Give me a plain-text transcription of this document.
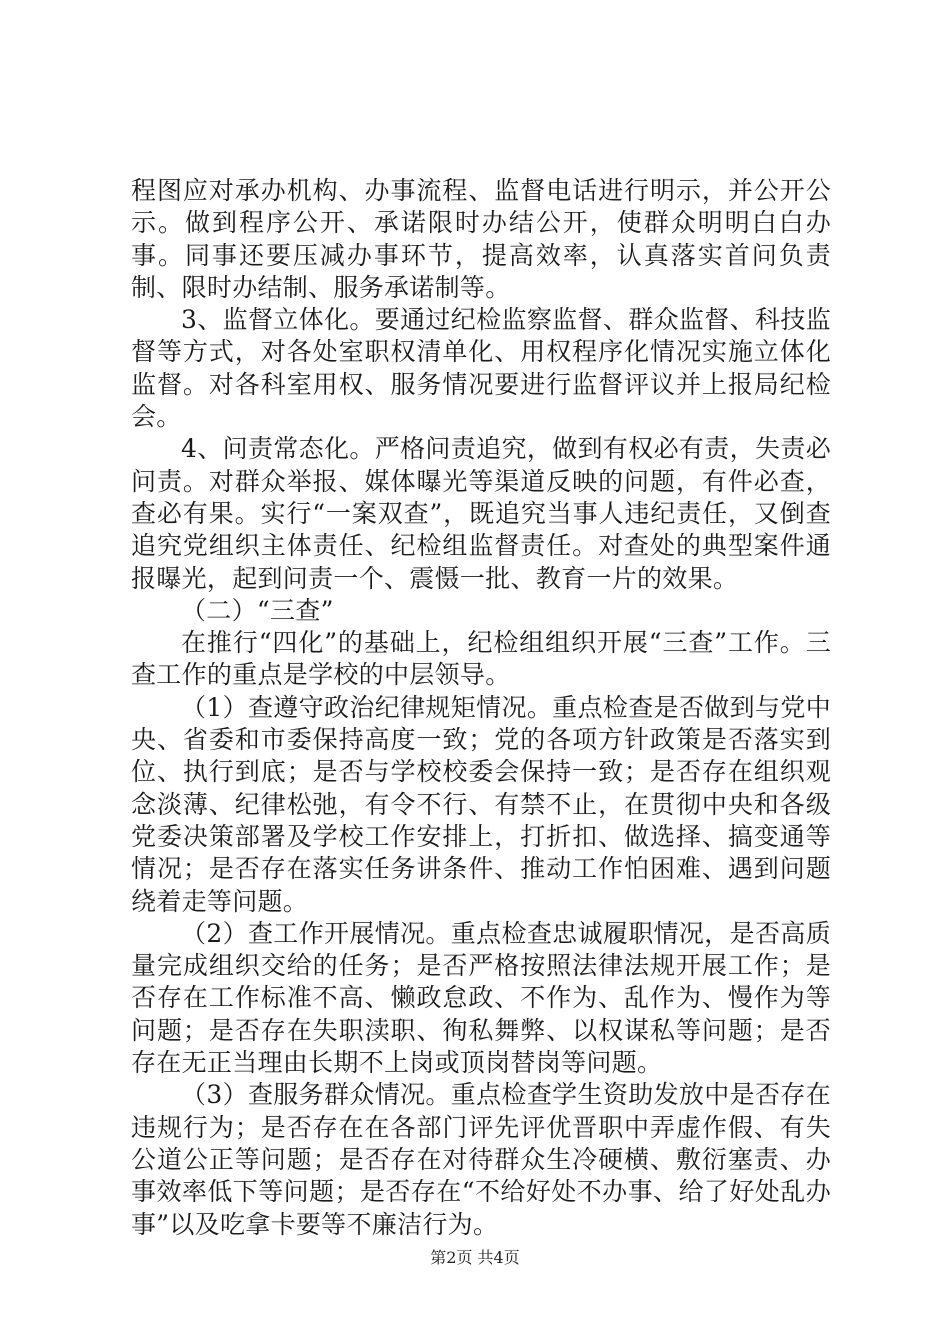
程图应对承办机构、办事流程、监督电话进行明示，并公开公示。做到程序公开、承诺限时办结公开，使群众明明白白办事。同事还要压减办事环节，提高效率，认真落实首问负责制、限时办结制、服务承诺制等。

3、监督立体化。要通过纪检监察监督、群众监督、科技监督等方式，对各处室职权清单化、用权程序化情况实施立体化监督。对各科室用权、服务情况要进行监督评议并上报局纪检会。

4、问责常态化。严格问责追究，做到有权必有责，失责必问责。对群众举报、媒体曝光等渠道反映的问题，有件必查，查必有果。实行“一案双查”，既追究当事人违纪责任，又倒查追究党组织主体责任、纪检组监督责任。对查处的典型案件通报曝光，起到问责一个、震慑一批、教育一片的效果。

（二）“三查”

在推行“四化”的基础上，纪检组组织开展“三查”工作。三查工作的重点是学校的中层领导。

（1）查遵守政治纪律规矩情况。重点检查是否做到与党中央、省委和市委保持高度一致；党的各项方针政策是否落实到位、执行到底；是否与学校校委会保持一致；是否存在组织观念淡薄、纪律松弛，有令不行、有禁不止，在贯彻中央和各级党委决策部署及学校工作安排上，打折扣、做选择、搞变通等情况；是否存在落实任务讲条件、推动工作怕困难、遇到问题绕着走等问题。

（2）查工作开展情况。重点检查忠诚履职情况，是否高质量完成组织交给的任务；是否严格按照法律法规开展工作；是否存在工作标准不高、懒政怠政、不作为、乱作为、慢作为等问题；是否存在失职渎职、徇私舞弊、以权谋私等问题；是否存在无正当理由长期不上岗或顶岗替岗等问题。

（3）查服务群众情况。重点检查学生资助发放中是否存在违规行为；是否存在在各部门评先评优晋职中弄虚作假、有失公道公正等问题；是否存在对待群众生冷硬横、敷衍塞责、办事效率低下等问题；是否存在“不给好处不办事、给了好处乱办事”以及吃拿卡要等不廉洁行为。

第2页 共4页
